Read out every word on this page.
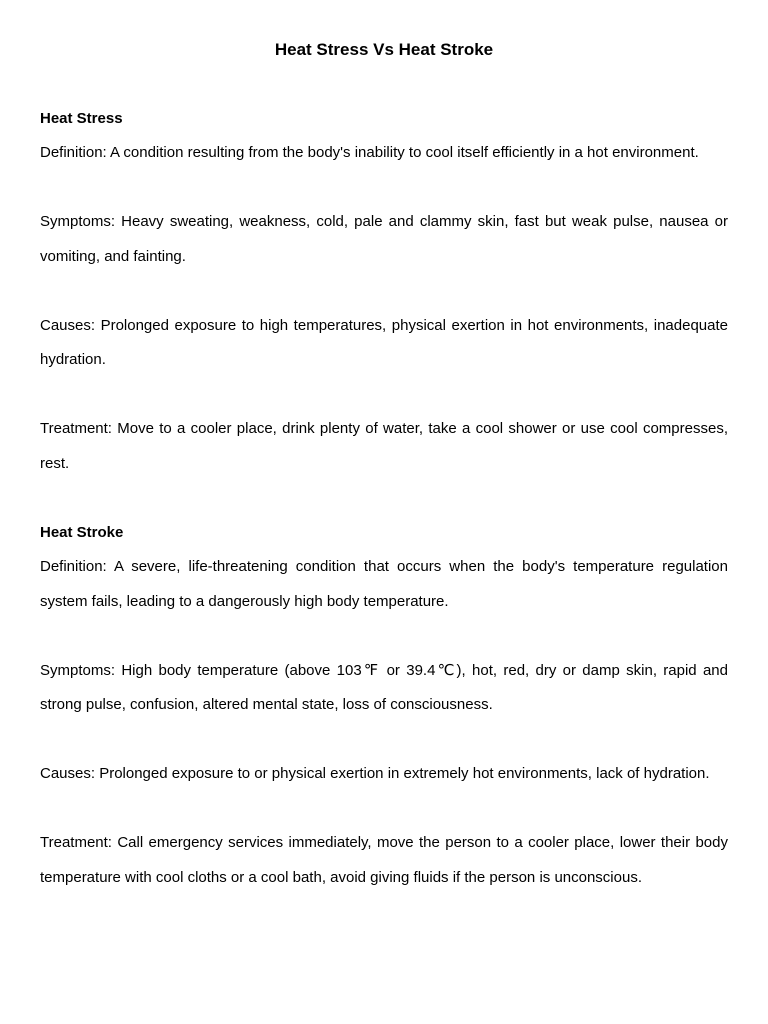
Heat Stress Vs Heat Stroke
Heat Stress

Definition: A condition resulting from the body's inability to cool itself efficiently in a hot environment.

Symptoms: Heavy sweating, weakness, cold, pale and clammy skin, fast but weak pulse, nausea or vomiting, and fainting.

Causes: Prolonged exposure to high temperatures, physical exertion in hot environments, inadequate hydration.

Treatment: Move to a cooler place, drink plenty of water, take a cool shower or use cool compresses, rest.

Heat Stroke

Definition: A severe, life-threatening condition that occurs when the body's temperature regulation system fails, leading to a dangerously high body temperature.

Symptoms: High body temperature (above 103℉ or 39.4℃), hot, red, dry or damp skin, rapid and strong pulse, confusion, altered mental state, loss of consciousness.

Causes: Prolonged exposure to or physical exertion in extremely hot environments, lack of hydration.

Treatment: Call emergency services immediately, move the person to a cooler place, lower their body temperature with cool cloths or a cool bath, avoid giving fluids if the person is unconscious.
